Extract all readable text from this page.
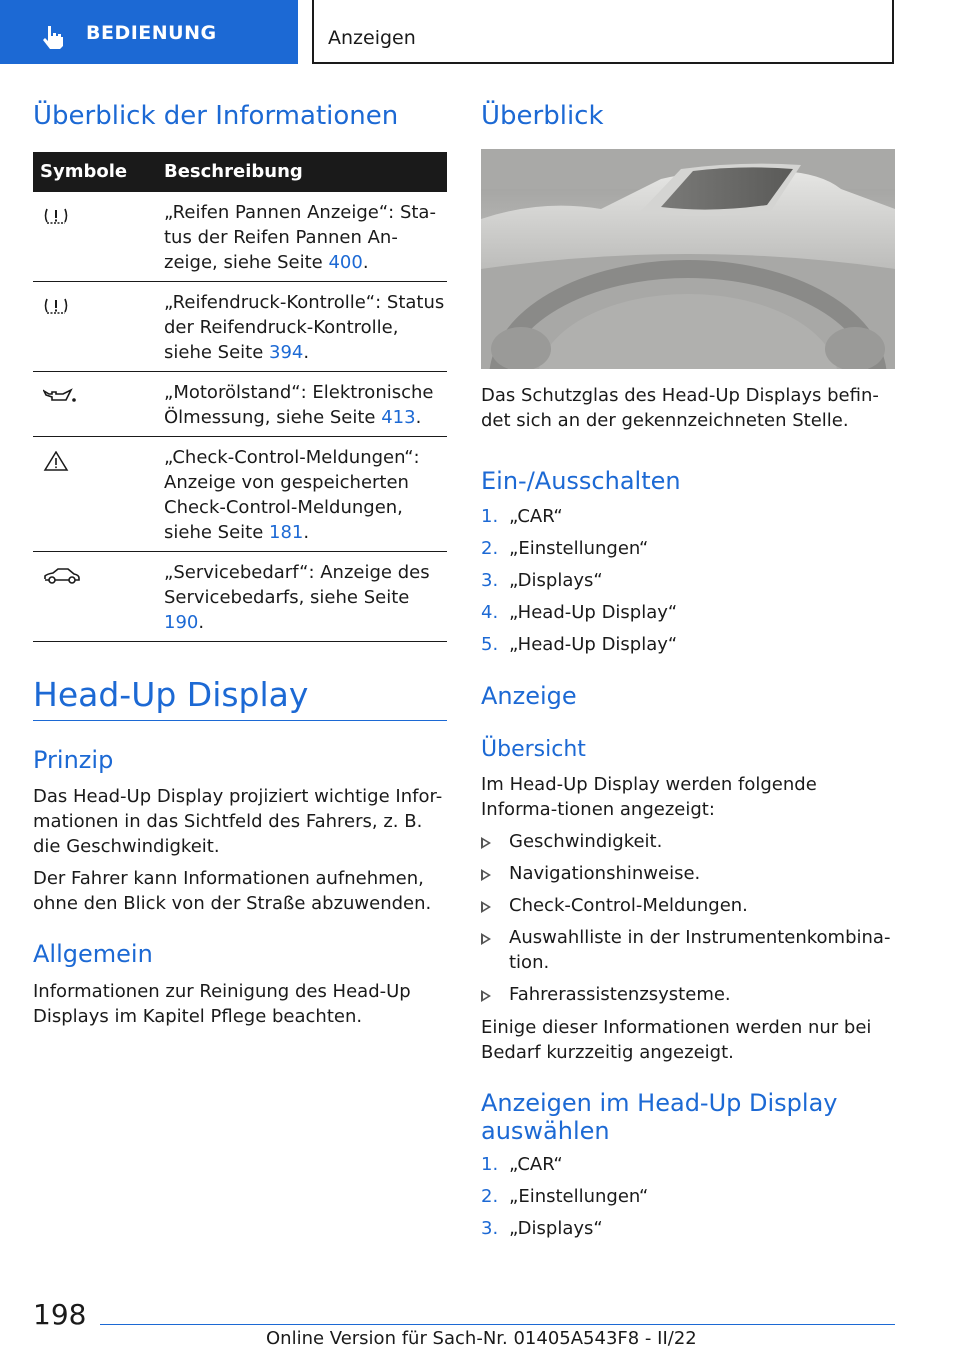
BEDIENUNG	Anzeigen
Überblick der Informationen
Symbole Beschreibung
„Reifen Pannen Anzeige“: Sta-tus der Reifen Pannen An-zeige, siehe Seite 400.
„Reifendruck-Kontrolle“: Status der Reifendruck-Kontrolle, siehe Seite 394.
„Motorölstand“: Elektronische Ölmessung, siehe Seite 413.
„Check-Control-Meldungen“: Anzeige von gespeicherten Check-Control-Meldungen, siehe Seite 181.
„Servicebedarf“: Anzeige des Servicebedarfs, siehe Seite 190.
Head-Up Display
Prinzip

Das Head-Up Display projiziert wichtige Infor-mationen in das Sichtfeld des Fahrers, z. B. die Geschwindigkeit.

Der Fahrer kann Informationen aufnehmen, ohne den Blick von der Straße abzuwenden.

Allgemein

Informationen zur Reinigung des Head-Up Displays im Kapitel Pflege beachten.

Überblick

Das Schutzglas des Head-Up Displays befin-det sich an der gekennzeichneten Stelle.

Ein-/Ausschalten
1. „CAR“
2. „Einstellungen“
3. „Displays“
4. „Head-Up Display“
5. „Head-Up Display“
Anzeige
Übersicht

Im Head-Up Display werden folgende Informa-tionen angezeigt:

Geschwindigkeit.
Navigationshinweise.
Check-Control-Meldungen.
Auswahlliste in der Instrumentenkombina-tion.
Fahrerassistenzsysteme.

Einige dieser Informationen werden nur bei Bedarf kurzzeitig angezeigt.

Anzeigen im Head-Up Display
auswählen
1. „CAR“
2. „Einstellungen“
3. „Displays“
198
Online Version für Sach-Nr. 01405A543F8 - II/22
